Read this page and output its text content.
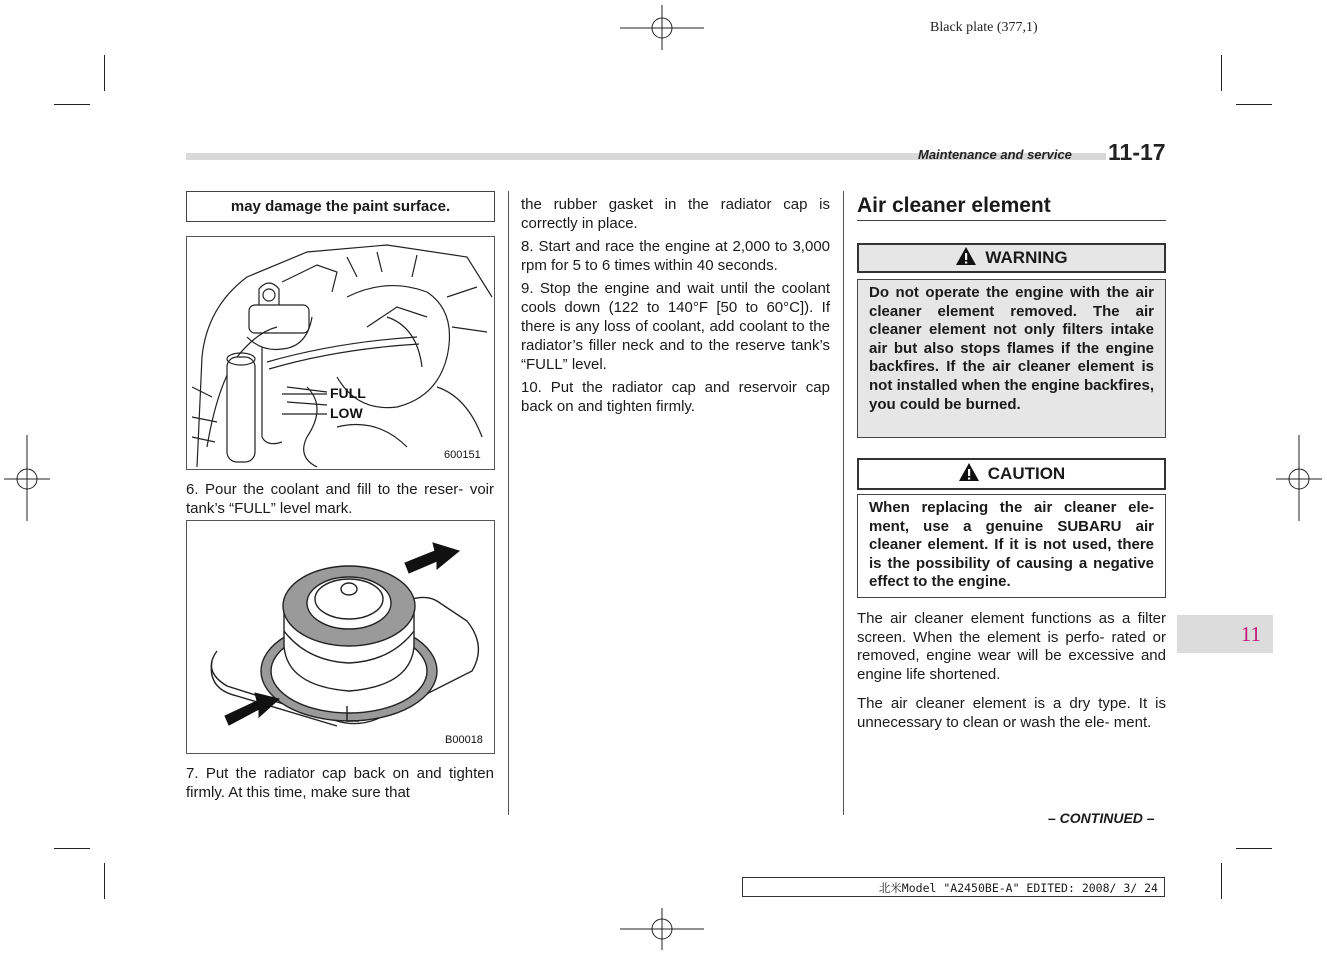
Black plate (377,1)
Maintenance and service 11-17
may damage the paint surface.
FULL
LOW
600151

6. Pour the coolant and fill to the reser- voir tank’s “FULL” level mark.

B00018

7. Put the radiator cap back on and tighten firmly. At this time, make sure that

the rubber gasket in the radiator cap is correctly in place.

8. Start and race the engine at 2,000 to 3,000 rpm for 5 to 6 times within 40 seconds.

9. Stop the engine and wait until the coolant cools down (122 to 140°F [50 to 60°C]). If there is any loss of coolant, add coolant to the radiator’s filler neck and to the reserve tank’s “FULL” level.

10. Put the radiator cap and reservoir cap back on and tighten firmly.

Air cleaner element
WARNING
Do not operate the engine with the air cleaner element removed. The air cleaner element not only filters intake air but also stops flames if the engine backfires. If the air cleaner element is not installed when the engine backfires, you could be burned.
CAUTION
When replacing the air cleaner ele- ment, use a genuine SUBARU air cleaner element. If it is not used, there is the possibility of causing a negative effect to the engine.

The air cleaner element functions as a filter screen. When the element is perfo- rated or removed, engine wear will be excessive and engine life shortened.

The air cleaner element is a dry type. It is unnecessary to clean or wash the ele- ment.

– CONTINUED –
11
北米Model "A2450BE-A" EDITED: 2008/ 3/ 24
